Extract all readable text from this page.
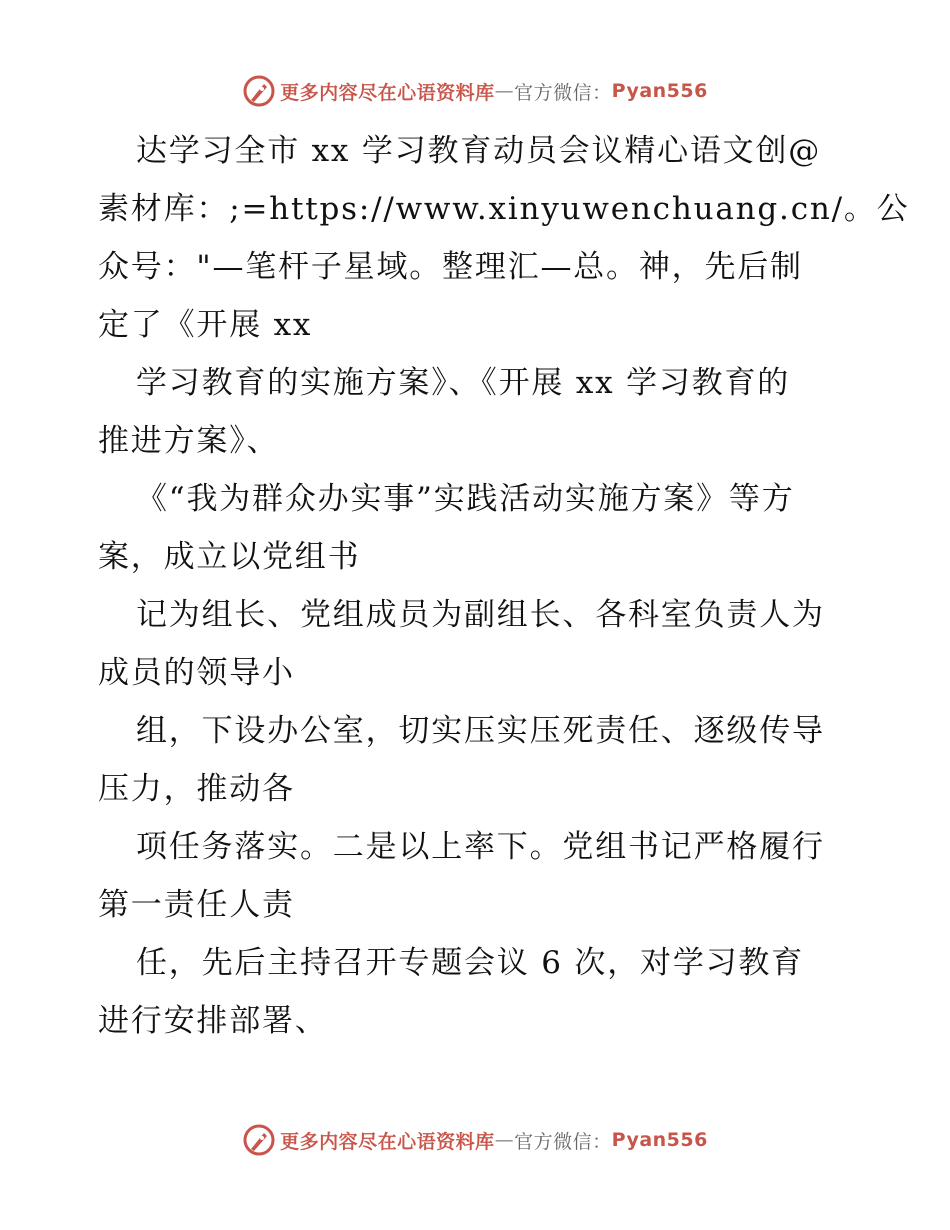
更多内容尽在心语资料库 — 官方微信： Pyan556
达学习全市 xx 学习教育动员会议精心语文创@
素材库：;=https://www.xinyuwenchuang.cn/。公
众号："—笔杆子星域。整理汇—总。神，先后制
定了《开展 xx
学习教育的实施方案》、《开展 xx 学习教育的
推进方案》、
《“我为群众办实事”实践活动实施方案》等方
案，成立以党组书
记为组长、党组成员为副组长、各科室负责人为
成员的领导小
组，下设办公室，切实压实压死责任、逐级传导
压力，推动各
项任务落实。二是以上率下。党组书记严格履行
第一责任人责
任，先后主持召开专题会议 6 次，对学习教育
进行安排部署、
更多内容尽在心语资料库 — 官方微信： Pyan556
